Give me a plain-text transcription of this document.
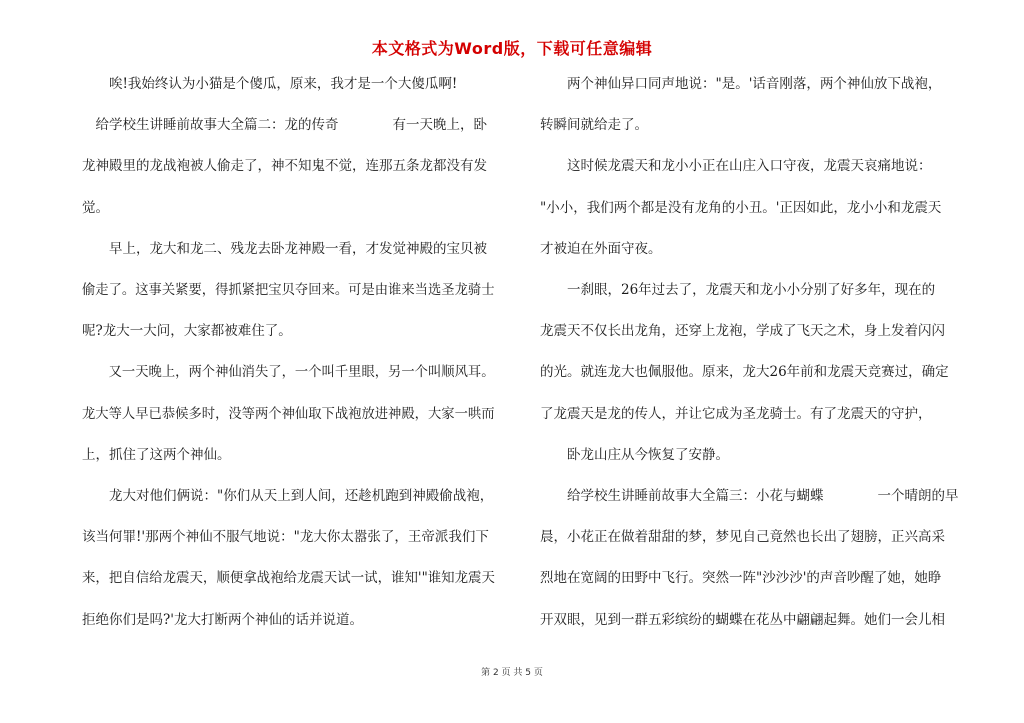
本文格式为Word版，下载可任意编辑
　　唉!我始终认为小猫是个傻瓜，原来，我才是一个大傻瓜啊!
　给学校生讲睡前故事大全篇二：龙的传奇　　　　有一天晚上，卧
龙神殿里的龙战袍被人偷走了，神不知鬼不觉，连那五条龙都没有发
觉。
　　早上，龙大和龙二、残龙去卧龙神殿一看，才发觉神殿的宝贝被
偷走了。这事关紧要，得抓紧把宝贝夺回来。可是由谁来当选圣龙骑士
呢?龙大一大问，大家都被难住了。
　　又一天晚上，两个神仙消失了，一个叫千里眼，另一个叫顺风耳。
龙大等人早已恭候多时，没等两个神仙取下战袍放进神殿，大家一哄而
上，抓住了这两个神仙。
　　龙大对他们俩说："你们从天上到人间，还趁机跑到神殿偷战袍，
该当何罪!'那两个神仙不服气地说："龙大你太嚣张了，王帝派我们下
来，把自信给龙震天，顺便拿战袍给龙震天试一试，谁知'"谁知龙震天
拒绝你们是吗?'龙大打断两个神仙的话并说道。
　　两个神仙异口同声地说："是。'话音刚落，两个神仙放下战袍，
转瞬间就给走了。
　　这时候龙震天和龙小小正在山庄入口守夜，龙震天哀痛地说：
"小小，我们两个都是没有龙角的小丑。'正因如此，龙小小和龙震天
才被迫在外面守夜。
　　一刹眼，26年过去了，龙震天和龙小小分别了好多年，现在的
龙震天不仅长出龙角，还穿上龙袍，学成了飞天之术，身上发着闪闪
的光。就连龙大也佩服他。原来，龙大26年前和龙震天竞赛过，确定
了龙震天是龙的传人，并让它成为圣龙骑士。有了龙震天的守护，
　　卧龙山庄从今恢复了安静。
　　给学校生讲睡前故事大全篇三：小花与蝴蝶　　　　一个晴朗的早
晨，小花正在做着甜甜的梦，梦见自己竟然也长出了翅膀，正兴高采
烈地在宽阔的田野中飞行。突然一阵"沙沙沙'的声音吵醒了她，她睁
开双眼，见到一群五彩缤纷的蝴蝶在花丛中翩翩起舞。她们一会儿相
第 2 页 共 5 页
